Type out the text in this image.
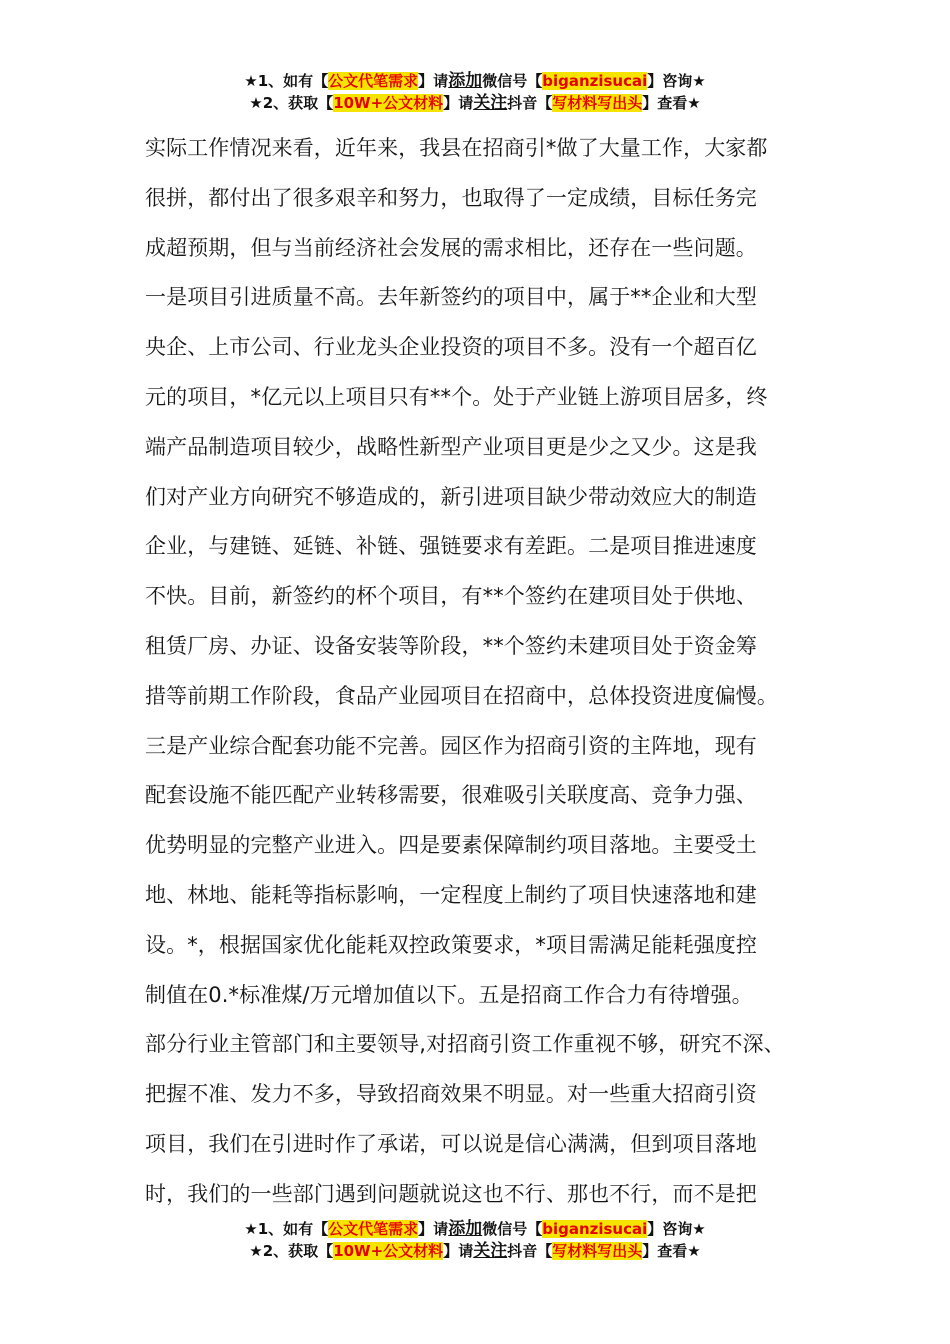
★1、如有【公文代笔需求】请添加微信号【biganzisucai】咨询★
★2、获取【10W+公文材料】请关注抖音【写材料写出头】查看★
实际工作情况来看，近年来，我县在招商引*做了大量工作，大家都
很拼，都付出了很多艰辛和努力，也取得了一定成绩，目标任务完
成超预期，但与当前经济社会发展的需求相比，还存在一些问题。
一是项目引进质量不高。去年新签约的项目中，属于**企业和大型
央企、上市公司、行业龙头企业投资的项目不多。没有一个超百亿
元的项目，*亿元以上项目只有**个。处于产业链上游项目居多，终
端产品制造项目较少，战略性新型产业项目更是少之又少。这是我
们对产业方向研究不够造成的，新引进项目缺少带动效应大的制造
企业，与建链、延链、补链、强链要求有差距。二是项目推进速度
不快。目前，新签约的杯个项目，有**个签约在建项目处于供地、
租赁厂房、办证、设备安装等阶段，**个签约未建项目处于资金筹
措等前期工作阶段，食品产业园项目在招商中，总体投资进度偏慢。
三是产业综合配套功能不完善。园区作为招商引资的主阵地，现有
配套设施不能匹配产业转移需要，很难吸引关联度高、竞争力强、
优势明显的完整产业进入。四是要素保障制约项目落地。主要受土
地、林地、能耗等指标影响，一定程度上制约了项目快速落地和建
设。*，根据国家优化能耗双控政策要求，*项目需满足能耗强度控
制值在0.*标准煤/万元增加值以下。五是招商工作合力有待增强。
部分行业主管部门和主要领导,对招商引资工作重视不够，研究不深、
把握不准、发力不多，导致招商效果不明显。对一些重大招商引资
项目，我们在引进时作了承诺，可以说是信心满满，但到项目落地
时，我们的一些部门遇到问题就说这也不行、那也不行，而不是把
★1、如有【公文代笔需求】请添加微信号【biganzisucai】咨询★
★2、获取【10W+公文材料】请关注抖音【写材料写出头】查看★
